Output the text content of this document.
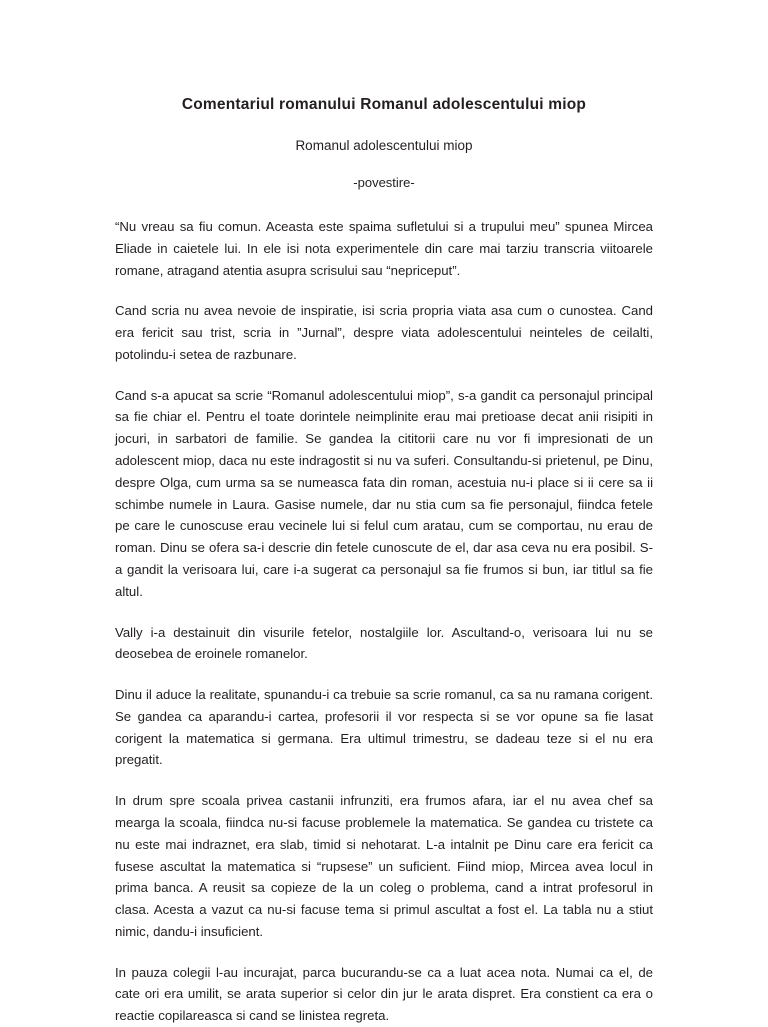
Comentariul romanului Romanul adolescentului miop
Romanul adolescentului miop
-povestire-

“Nu vreau sa fiu comun. Aceasta este spaima sufletului si a trupului meu” spunea Mircea Eliade in caietele lui. In ele isi nota experimentele din care mai tarziu transcria viitoarele romane, atragand atentia asupra scrisului sau “nepriceput”.

Cand scria nu avea nevoie de inspiratie, isi scria propria viata asa cum o cunostea. Cand era fericit sau trist, scria in ”Jurnal”, despre viata adolescentului neinteles de ceilalti, potolindu-i setea de razbunare.

Cand s-a apucat sa scrie “Romanul adolescentului miop”, s-a gandit ca personajul principal sa fie chiar el. Pentru el toate dorintele neimplinite erau mai pretioase decat anii risipiti in jocuri, in sarbatori de familie. Se gandea la cititorii care nu vor fi impresionati de un adolescent miop, daca nu este indragostit si nu va suferi. Consultandu-si prietenul, pe Dinu, despre Olga, cum urma sa se numeasca fata din roman, acestuia nu-i place si ii cere sa ii schimbe numele in Laura. Gasise numele, dar nu stia cum sa fie personajul, fiindca fetele pe care le cunoscuse erau vecinele lui si felul cum aratau, cum se comportau, nu erau de roman. Dinu se ofera sa-i descrie din fetele cunoscute de el, dar asa ceva nu era posibil. S-a gandit la verisoara lui, care i-a sugerat ca personajul sa fie frumos si bun, iar titlul sa fie altul.

Vally i-a destainuit din visurile fetelor, nostalgiile lor. Ascultand-o, verisoara lui nu se deosebea de eroinele romanelor.

Dinu il aduce la realitate, spunandu-i ca trebuie sa scrie romanul, ca sa nu ramana corigent. Se gandea ca aparandu-i cartea, profesorii il vor respecta si se vor opune sa fie lasat corigent la matematica si germana. Era ultimul trimestru, se dadeau teze si el nu era pregatit.

In drum spre scoala privea castanii infrunziti, era frumos afara, iar el nu avea chef sa mearga la scoala, fiindca nu-si facuse problemele la matematica. Se gandea cu tristete ca nu este mai indraznet, era slab, timid si nehotarat. L-a intalnit pe Dinu care era fericit ca fusese ascultat la matematica si “rupsese” un suficient. Fiind miop, Mircea avea locul in prima banca. A reusit sa copieze de la un coleg o problema, cand a intrat profesorul in clasa. Acesta a vazut ca nu-si facuse tema si primul ascultat a fost el. La tabla nu a stiut nimic, dandu-i insuficient.

In pauza colegii l-au incurajat, parca bucurandu-se ca a luat acea nota. Numai ca el, de cate ori era umilit, se arata superior si celor din jur le arata dispret. Era constient ca era o reactie copilareasca si cand se linistea regreta.
